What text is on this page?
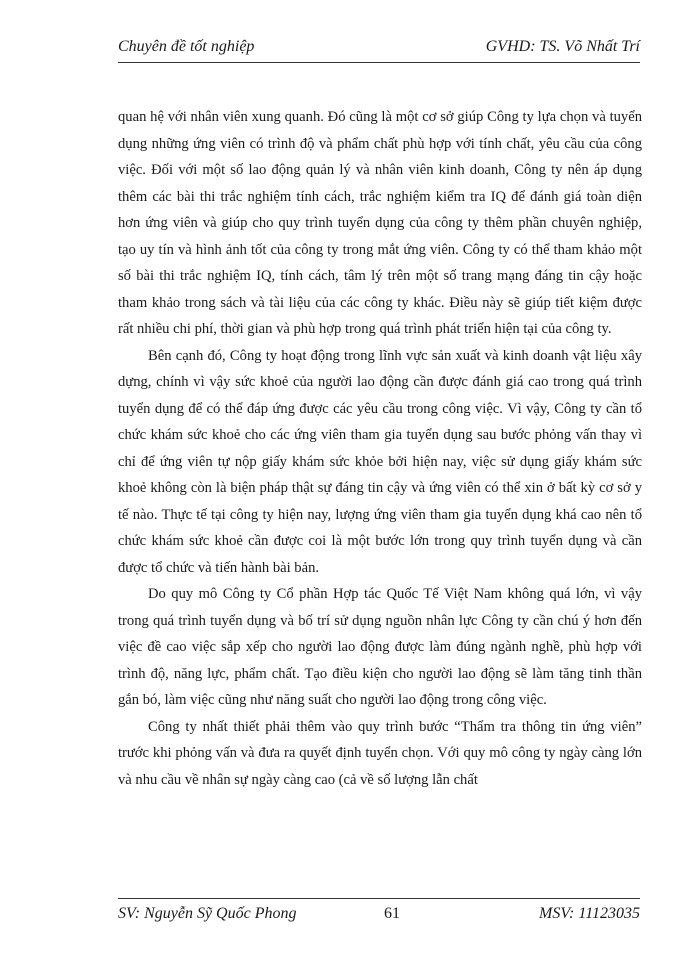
Chuyên đề tốt nghiệp	GVHD: TS. Võ Nhất Trí

quan hệ với nhân viên xung quanh. Đó cũng là một cơ sở giúp Công ty lựa chọn và tuyển dụng những ứng viên có trình độ và phẩm chất phù hợp với tính chất, yêu cầu của công việc. Đối với một số lao động quản lý và nhân viên kinh doanh, Công ty nên áp dụng thêm các bài thi trắc nghiệm tính cách, trắc nghiệm kiểm tra IQ để đánh giá toàn diện hơn ứng viên và giúp cho quy trình tuyển dụng của công ty thêm phần chuyên nghiệp, tạo uy tín và hình ảnh tốt của công ty trong mắt ứng viên. Công ty có thể tham khảo một số bài thi trắc nghiệm IQ, tính cách, tâm lý trên một số trang mạng đáng tin cậy hoặc tham khảo trong sách và tài liệu của các công ty khác. Điều này sẽ giúp tiết kiệm được rất nhiều chi phí, thời gian và phù hợp trong quá trình phát triển hiện tại của công ty.

Bên cạnh đó, Công ty hoạt động trong lĩnh vực sản xuất và kinh doanh vật liệu xây dựng, chính vì vậy sức khoẻ của người lao động cần được đánh giá cao trong quá trình tuyển dụng để có thể đáp ứng được các yêu cầu trong công việc. Vì vậy, Công ty cần tổ chức khám sức khoẻ cho các ứng viên tham gia tuyển dụng sau bước phỏng vấn thay vì chỉ để ứng viên tự nộp giấy khám sức khỏe bởi hiện nay, việc sử dụng giấy khám sức khoẻ không còn là biện pháp thật sự đáng tin cậy và ứng viên có thể xin ở bất kỳ cơ sở y tế nào. Thực tế tại công ty hiện nay, lượng ứng viên tham gia tuyển dụng khá cao nên tổ chức khám sức khoẻ cần được coi là một bước lớn trong quy trình tuyển dụng và cần được tổ chức và tiến hành bài bản.

Do quy mô Công ty Cổ phần Hợp tác Quốc Tế Việt Nam không quá lớn, vì vậy trong quá trình tuyển dụng và bố trí sử dụng nguồn nhân lực Công ty cần chú ý hơn đến việc đề cao việc sắp xếp cho người lao động được làm đúng ngành nghề, phù hợp với trình độ, năng lực, phẩm chất. Tạo điều kiện cho người lao động sẽ làm tăng tinh thần gắn bó, làm việc cũng như năng suất cho người lao động trong công việc.

Công ty nhất thiết phải thêm vào quy trình bước “Thẩm tra thông tin ứng viên” trước khi phỏng vấn và đưa ra quyết định tuyển chọn. Với quy mô công ty ngày càng lớn và nhu cầu về nhân sự ngày càng cao (cả về số lượng lẫn chất

SV: Nguyễn Sỹ Quốc Phong	61	MSV: 11123035
